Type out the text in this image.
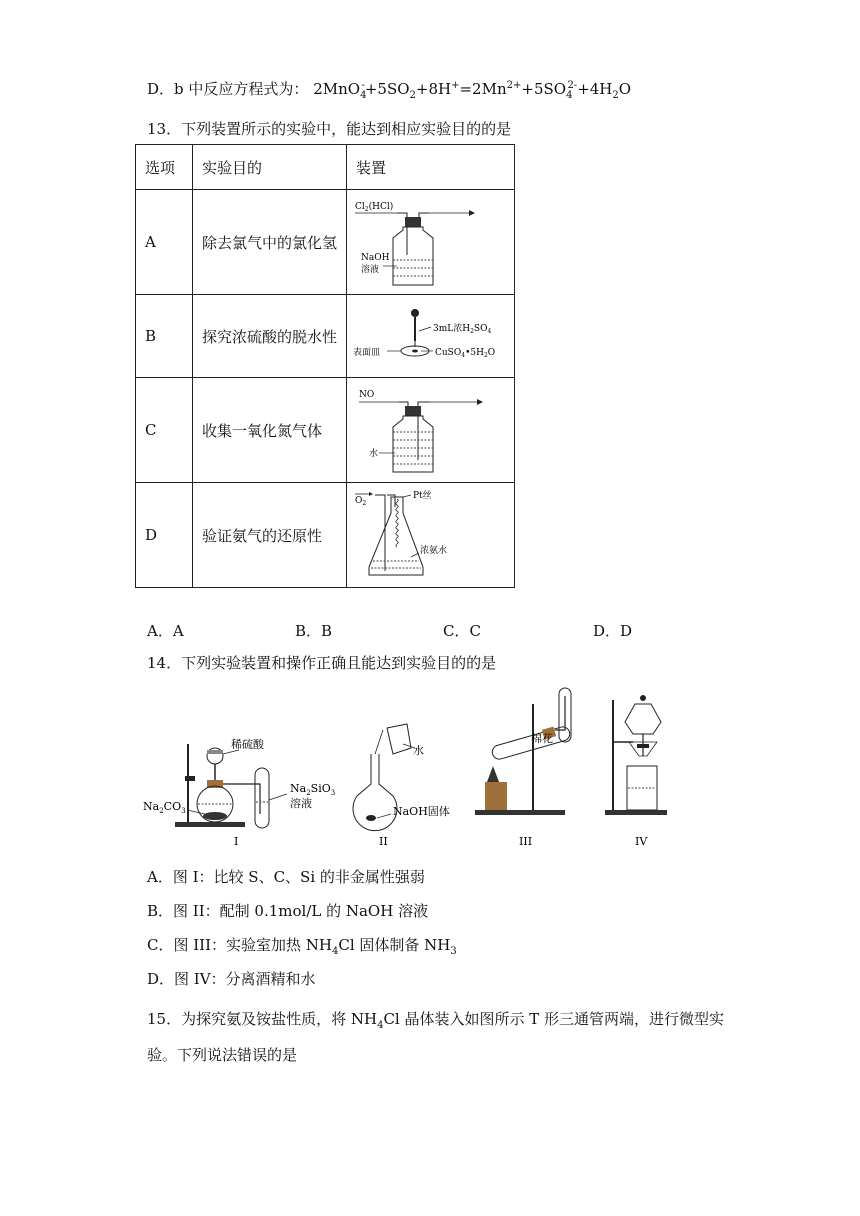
D．b 中反应方程式为： $2MnO_4^-+5SO_2+8H^+=2Mn^{2+}+5SO_4^{2-}+4H_2O$
13．下列装置所示的实验中，能达到相应实验目的的是
选项	实验目的	装置
A	除去氯气中的氯化氢	$Cl_2(HCl)$
NaOH
溶液

B	探究浓硫酸的脱水性	3mL浓$H_2SO_4$
表面皿 $CuSO_4•5H_2O$

C	收集一氧化氮气体	NO
水

D	验证氨气的还原性	$O_2$
Pt丝
浓氨水
A．A	B．B	C．C	D．D
14．下列实验装置和操作正确且能达到实验目的的是
稀硫酸
$Na_2SiO_3$
溶液
$Na_2CO_3$
I
水
NaOH固体
II
棉花
III	IV
A．图 I：比较 S、C、Si 的非金属性强弱
B．图 II：配制 0.1mol/L 的 NaOH 溶液
C．图 III：实验室加热 $NH_4Cl$ 固体制备 $NH_3$
D．图 IV：分离酒精和水
15．为探究氨及铵盐性质，将 $NH_4Cl$ 晶体装入如图所示 T 形三通管两端，进行微型实
验。下列说法错误的是
